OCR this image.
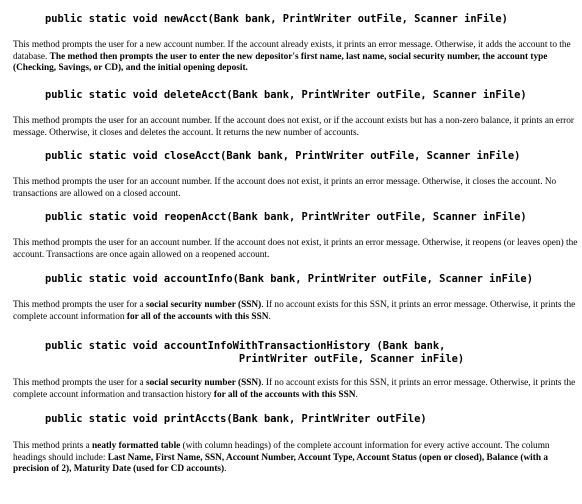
public static void newAcct(Bank bank, PrintWriter outFile, Scanner inFile)

This method prompts the user for a new account number. If the account already exists, it prints an error message. Otherwise, it adds the account to the database. The method then prompts the user to enter the new depositor's first name, last name, social security number, the account type (Checking, Savings, or CD), and the initial opening deposit.

public static void deleteAcct(Bank bank, PrintWriter outFile, Scanner inFile)

This method prompts the user for an account number. If the account does not exist, or if the account exists but has a non-zero balance, it prints an error message. Otherwise, it closes and deletes the account. It returns the new number of accounts.

public static void closeAcct(Bank bank, PrintWriter outFile, Scanner inFile)

This method prompts the user for an account number. If the account does not exist, it prints an error message. Otherwise, it closes the account. No transactions are allowed on a closed account.

public static void reopenAcct(Bank bank, PrintWriter outFile, Scanner inFile)

This method prompts the user for an account number. If the account does not exist, it prints an error message. Otherwise, it reopens (or leaves open) the account. Transactions are once again allowed on a reopened account.

public static void accountInfo(Bank bank, PrintWriter outFile, Scanner inFile)

This method prompts the user for a social security number (SSN). If no account exists for this SSN, it prints an error message. Otherwise, it prints the complete account information for all of the accounts with this SSN.

public static void accountInfoWithTransactionHistory (Bank bank,
PrintWriter outFile, Scanner inFile)

This method prompts the user for a social security number (SSN). If no account exists for this SSN, it prints an error message. Otherwise, it prints the complete account information and transaction history for all of the accounts with this SSN.

public static void printAccts(Bank bank, PrintWriter outFile)

This method prints a neatly formatted table (with column headings) of the complete account information for every active account. The column headings should include: Last Name, First Name, SSN, Account Number, Account Type, Account Status (open or closed), Balance (with a precision of 2), Maturity Date (used for CD accounts).
